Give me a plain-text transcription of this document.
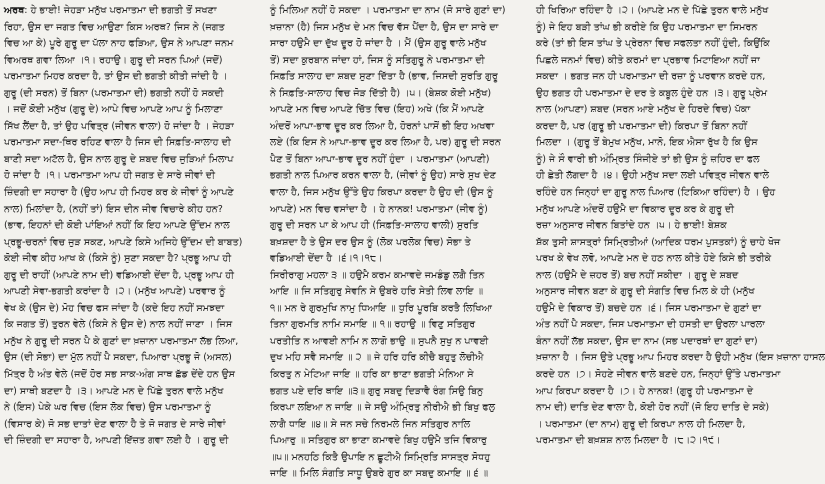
ਅਰਥ: ਹੇ ਭਾਈ! ਜੇਹੜਾ ਮਨੁੱਖ ਪਰਮਾਤਮਾ ਦੀ ਭਗਤੀ ਤੋਂ ਸਖਣਾ
ਰਿਹਾ, ਉਸ ਦਾ ਜਗਤ ਵਿਚ ਆਉਣਾ ਕਿਸ ਅਰਥ? ਜਿਸ ਨੇ (ਜਗਤ
ਵਿਚ ਆ ਕੇ) ਪੂਰੇ ਗੁਰੂ ਦਾ ਪੱਲਾ ਨਾਹ ਫੜਿਆ, ਉਸ ਨੇ ਆਪਣਾ ਜਨਮ
ਵਿਅਰਥ ਗਵਾ ਲਿਆ ।੧। ਰਹਾਉ। ਗੁਰੂ ਦੀ ਸਰਨ ਪਿਆਂ (ਜਦੋਂ)
ਪਰਮਾਤਮਾ ਮਿਹਰ ਕਰਦਾ ਹੈ, ਤਾਂ ਉਸ ਦੀ ਭਗਤੀ ਕੀਤੀ ਜਾਂਦੀ ਹੈ ।
ਗੁਰੂ (ਦੀ ਸਰਨ) ਤੋਂ ਬਿਨਾ (ਪਰਮਾਤਮਾ ਦੀ) ਭਗਤੀ ਨਹੀਂ ਹੋ ਸਕਦੀ
। ਜਦੋਂ ਕੋਈ ਮਨੁੱਖ (ਗੁਰੂ ਦੇ) ਆਪੇ ਵਿਚ ਆਪਣੇ ਆਪ ਨੂੰ ਮਿਲਾਣਾ
ਸਿੱਖ ਲੈਂਦਾ ਹੈ, ਤਾਂ ਉਹ ਪਵਿਤ੍ਰ (ਜੀਵਨ ਵਾਲਾ) ਹੋ ਜਾਂਦਾ ਹੈ । ਜੇਹੜਾ
ਪਰਮਾਤਮਾ ਸਦਾ-ਥਿਰ ਰਹਿਣ ਵਾਲਾ ਹੈ ਜਿਸ ਦੀ ਸਿਫ਼ਤਿ-ਸਾਲਾਹ ਦੀ
ਬਾਣੀ ਸਦਾ ਅਟੱਲ ਹੈ, ਉਸ ਨਾਲ ਗੁਰੂ ਦੇ ਸ਼ਬਦ ਵਿਚ ਜੁੜਿਆਂ ਮਿਲਾਪ
ਹੋ ਜਾਂਦਾ ਹੈ ।੧। ਪਰਮਾਤਮਾ ਆਪ ਹੀ ਜਗਤ ਦੇ ਸਾਰੇ ਜੀਵਾਂ ਦੀ
ਜ਼ਿੰਦਗੀ ਦਾ ਸਹਾਰਾ ਹੈ (ਉਹ ਆਪ ਹੀ ਮਿਹਰ ਕਰ ਕੇ ਜੀਵਾਂ ਨੂੰ ਆਪਣੇ
ਨਾਲ) ਮਿਲਾਂਦਾ ਹੈ, (ਨਹੀਂ ਤਾਂ) ਇਸ ਦੀਨ ਜੀਵ ਵਿਚਾਰੇ ਕੀਹ ਹਨ?
(ਭਾਵ, ਇਹਨਾਂ ਦੀ ਕੋਈ ਪਾਂਇਆਂ ਨਹੀਂ ਕਿ ਇਹ ਆਪਣੇ ਉੱਦਮ ਨਾਲ
ਪ੍ਰਭੂ-ਚਰਨਾਂ ਵਿਚ ਜੁੜ ਸਕਣ, ਆਪਣੇ ਕਿਸੇ ਅਜਿਹੇ ਉੱਦਮ ਦੀ ਬਾਬਤ)
ਕੋਈ ਜੀਵ ਕੀਹ ਆਖ ਕੇ (ਕਿਸੇ ਨੂੰ) ਸੁਣਾ ਸਕਦਾ ਹੈ? ਪ੍ਰਭੂ ਆਪ ਹੀ
ਗੁਰੂ ਦੀ ਰਾਹੀਂ (ਆਪਣੇ ਨਾਮ ਦੀ) ਵਡਿਆਈ ਦੇਂਦਾ ਹੈ, ਪ੍ਰਭੂ ਆਪ ਹੀ
ਆਪਣੀ ਸੇਵਾ-ਭਗਤੀ ਕਰਾਂਦਾ ਹੈ ।੨। (ਮਨੁੱਖ ਆਪਣੇ) ਪਰਵਾਰ ਨੂੰ
ਵੇਖ ਕੇ (ਉਸ ਦੇ) ਮੋਹ ਵਿਚ ਫਸ ਜਾਂਦਾ ਹੈ (ਕਦੇ ਇਹ ਨਹੀਂ ਸਮਝਦਾ
ਕਿ ਜਗਤ ਤੋਂ) ਤੁਰਨ ਵੇਲੇ (ਕਿਸੇ ਨੇ ਉਸ ਦੇ) ਨਾਲ ਨਹੀਂ ਜਾਣਾ । ਜਿਸ
ਮਨੁੱਖ ਨੇ ਗੁਰੂ ਦੀ ਸਰਨ ਪੈ ਕੇ ਗੁਣਾਂ ਦਾ ਖ਼ਜ਼ਾਨਾ ਪਰਮਾਤਮਾ ਲੱਭ ਲਿਆ,
ਉਸ (ਦੀ ਸੋਭਾ) ਦਾ ਮੁੱਲ ਨਹੀਂ ਪੈ ਸਕਦਾ, ਪਿਆਰਾ ਪ੍ਰਭੂ ਜੋ (ਅਸਲ)
ਮਿੱਤ੍ਰ ਹੈ ਅੰਤ ਵੇਲੇ (ਜਦੋਂ ਹੋਰ ਸਭ ਸਾਕ-ਅੰਗ ਸਾਥ ਛੱਡ ਦੇਂਦੇ ਹਨ ਉਸ
ਦਾ) ਸਾਥੀ ਬਣਦਾ ਹੈ ।੩। ਆਪਣੇ ਮਨ ਦੇ ਪਿੱਛੇ ਤੁਰਨ ਵਾਲੇ ਮਨੁੱਖ
ਨੇ (ਇਸ) ਪੇਕੇ ਘਰ ਵਿਚ (ਇਸ ਲੋਕ ਵਿਚ) ਉਸ ਪਰਮਾਤਮਾ ਨੂੰ
(ਵਿਸਾਰ ਕੇ) ਜੋ ਸਭ ਦਾਤਾਂ ਦੇਣ ਵਾਲਾ ਹੈ ਤੇ ਜੋ ਜਗਤ ਦੇ ਸਾਰੇ ਜੀਵਾਂ
ਦੀ ਜ਼ਿੰਦਗੀ ਦਾ ਸਹਾਰਾ ਹੈ, ਆਪਣੀ ਇੱਜ਼ਤ ਗਵਾ ਲਈ ਹੈ । ਗੁਰੂ ਦੀ
ਨੂੰ ਮਿਲਿਆ ਨਹੀਂ ਹੋ ਸਕਦਾ । ਪਰਮਾਤਮਾ ਦਾ ਨਾਮ (ਜੋ ਸਾਰੇ ਗੁਣਾਂ ਦਾ)
ਖ਼ਜ਼ਾਨਾ (ਹੈ) ਜਿਸ ਮਨੁੱਖ ਦੇ ਮਨ ਵਿਚ ਵੱਸ ਪੈਂਦਾ ਹੈ, ਉਸ ਦਾ ਸਾਰੇ ਦਾ
ਸਾਰਾ ਹਉਮੈ ਦਾ ਦੁੱਖ ਦੂਰ ਹੋ ਜਾਂਦਾ ਹੈ । ਮੈਂ (ਉਸ ਗੁਰੂ ਵਾਲੇ ਮਨੁੱਖ
ਤੋਂ) ਸਦਾ ਕੁਰਬਾਨ ਜਾਂਦਾ ਹਾਂ, ਜਿਸ ਨੂੰ ਸਤਿਗੁਰੂ ਨੇ ਪਰਮਾਤਮਾ ਦੀ
ਸਿਫ਼ਤਿ ਸਾਲਾਹ ਦਾ ਸ਼ਬਦ ਸੁਣਾ ਦਿੱਤਾ ਹੈ (ਭਾਵ, ਜਿਸਦੀ ਸੁਰਤਿ ਗੁਰੂ
ਨੇ ਸਿਫ਼ਤਿ-ਸਾਲਾਹ ਵਿਚ ਜੋੜ ਦਿੱਤੀ ਹੈ) ।੫। (ਬੇਸ਼ਕ ਕੋਈ ਮਨੁੱਖ)
ਆਪਣੇ ਮਨ ਵਿਚ ਆਪਣੇ ਚਿੱਤ ਵਿਚ (ਇਹ) ਅਖੇ (ਕਿ ਮੈਂ ਆਪਣੇ
ਅੰਦਰੋਂ ਆਪਾ-ਭਾਵ ਦੂਰ ਕਰ ਲਿਆ ਹੈ, ਹੋਰਨਾਂ ਪਾਸੋਂ ਭੀ ਇਹ ਅਖਵਾ
ਲਏ (ਕਿ ਇਸ ਨੇ ਆਪਾ-ਭਾਵ ਦੂਰ ਕਰ ਲਿਆ ਹੈ, ਪਰ) ਗੁਰੂ ਦੀ ਸਰਨ
ਪੈਣ ਤੋਂ ਬਿਨਾ ਆਪਾ-ਭਾਵ ਦੂਰ ਨਹੀਂ ਹੁੰਦਾ । ਪਰਮਾਤਮਾ (ਆਪਣੀ)
ਭਗਤੀ ਨਾਲ ਪਿਆਰ ਕਰਨ ਵਾਲਾ ਹੈ, (ਜੀਵਾਂ ਨੂੰ ਉਹ) ਸਾਰੇ ਸੁਖ ਦੇਣ
ਵਾਲਾ ਹੈ, ਜਿਸ ਮਨੁੱਖ ਉੱਤੇ ਉਹ ਕਿਰਪਾ ਕਰਦਾ ਹੈ ਉਹ ਦੀ (ਉਸ ਨੂੰ
ਆਪਣੇ) ਮਨ ਵਿਚ ਵਸਾਂਦਾ ਹੈ । ਹੇ ਨਾਨਕ! ਪਰਮਾਤਮਾ (ਜੀਵ ਨੂੰ)
ਗੁਰੂ ਦੀ ਸਰਨ ਪਾ ਕੇ ਆਪ ਹੀ (ਸਿਫ਼ਤਿ-ਸਾਲਾਹ ਵਾਲੀ) ਸੁਰਤਿ
ਬਖ਼ਸ਼ਦਾ ਹੈ ਤੇ ਉਸ ਦਰ ਉਸ ਨੂੰ (ਲੋਕ ਪਰਲੋਕ ਵਿਚ) ਸੋਭਾ ਤੇ
ਵਡਿਆਈ ਦੇਂਦਾ ਹੈ ।੬।੧।੧੮।
ਸਿਰੀਰਾਗੁ ਮਹਲਾ ੩ ॥ ਹਉਮੈ ਕਰਮ ਕਮਾਵਦੇ ਜਮਡੰਡੁ ਲਗੈ ਤਿਨ
ਆਇ ॥ ਜਿ ਸਤਿਗੁਰੁ ਸੇਵਨਿ ਸੇ ਉਬਰੇ ਹਰਿ ਸੇਤੀ ਲਿਵ ਲਾਇ ॥
੧॥ ਮਨ ਰੇ ਗੁਰਮੁਖਿ ਨਾਮੁ ਧਿਆਇ ॥ ਧੁਰਿ ਪੂਰਬਿ ਕਰਤੈ ਲਿਖਿਆ
ਤਿਨਾ ਗੁਰਮਤਿ ਨਾਮਿ ਸਮਾਇ ॥ ੧॥ ਰਹਾਉ ॥ ਵਿਣੁ ਸਤਿਗੁਰ
ਪਰਤੀਤਿ ਨ ਆਵਈ ਨਾਮਿ ਨ ਲਾਗੋ ਭਾਉ ॥ ਸੁਪਨੈ ਸੁਖੁ ਨ ਪਾਵਈ
ਦੁਖ ਮਹਿ ਸਵੈ ਸਮਾਇ ॥ ੨ ॥ ਜੇ ਹਰਿ ਹਰਿ ਕੀਚੈ ਬਹੁਤੁ ਲੋਚੀਐ
ਕਿਰਤੁ ਨ ਮੇਟਿਆ ਜਾਇ ॥ ਹਰਿ ਕਾ ਭਾਣਾ ਭਗਤੀ ਮੰਨਿਆ ਸੇ
ਭਗਤ ਪਏ ਦਰਿ ਥਾਇ ॥੩॥ ਗੁਰੁ ਸਬਦੁ ਦਿੜਾਵੈ ਰੰਗ ਸਿਉ ਬਿਨੁ
ਕਿਰਪਾ ਲਇਆ ਨ ਜਾਇ ॥ ਜੇ ਸਉ ਅੰਮ੍ਰਿਤੁ ਨੀਰੀਐ ਭੀ ਬਿਖੁ ਫਲੁ
ਲਾਗੈ ਧਾਇ ॥੪॥ ਸੇ ਜਨ ਸਚੇ ਨਿਰਮਲੇ ਜਿਨ ਸਤਿਗੁਰ ਨਾਲਿ
ਪਿਆਰੁ ॥ ਸਤਿਗੁਰ ਕਾ ਭਾਣਾ ਕਮਾਵਦੇ ਬਿਖੁ ਹਉਮੈ ਤਜਿ ਵਿਕਾਰੁ
॥੫॥ ਮਨਹਠਿ ਕਿਤੈ ਉਪਾਇ ਨ ਛੂਟੀਐ ਸਿਮ੍ਰਿਤਿ ਸਾਸਤ੍ਰ ਸੋਧਹੁ
ਜਾਇ ॥ ਮਿਲਿ ਸੰਗਤਿ ਸਾਧੂ ਉਬਰੇ ਗੁਰ ਕਾ ਸਬਦੁ ਕਮਾਇ ॥ ੬ ॥
ਹੀ ਖਿਰਿਆ ਰਹਿੰਦਾ ਹੈ ।੨। (ਆਪਣੇ ਮਨ ਦੇ ਪਿੱਛੇ ਤੁਰਨ ਵਾਲੇ ਮਨੁੱਖ
ਨੂੰ) ਜੇ ਇਹ ਬੜੀ ਤਾਂਘ ਭੀ ਕਰੀਏ ਕਿ ਉਹ ਪਰਮਾਤਮਾ ਦਾ ਸਿਮਰਨ
ਕਰੇ (ਤਾਂ ਭੀ ਇਸ ਤਾਂਘ ਤੇ ਪ੍ਰੇਰਨਾ ਵਿਚ ਸਫਲਤਾ ਨਹੀਂ ਹੁੰਦੀ, ਕਿਉਂਕਿ
ਪਿਛਲੇ ਜਨਮਾਂ ਵਿਚ) ਕੀਤੇ ਕਰਮਾਂ ਦਾ ਪ੍ਰਭਾਵ ਮਿਟਾਇਆ ਨਹੀਂ ਜਾ
ਸਕਦਾ । ਭਗਤ ਜਨ ਹੀ ਪਰਮਾਤਮਾ ਦੀ ਰਜ਼ਾ ਨੂੰ ਪਰਵਾਨ ਕਰਦੇ ਹਨ,
ਉਹ ਭਗਤ ਹੀ ਪਰਮਾਤਮਾ ਦੇ ਦਰ ਤੇ ਕਬੂਲ ਹੁੰਦੇ ਹਨ ।੩। ਗੁਰੂ ਪ੍ਰੇਮ
ਨਾਲ (ਆਪਣਾ) ਸ਼ਬਦ (ਸਰਨ ਆਏ ਮਨੁੱਖ ਦੇ ਹਿਰਦੇ ਵਿਚ) ਪੱਕਾ
ਕਰਦਾ ਹੈ, ਪਰ (ਗੁਰੂ ਭੀ ਪਰਮਾਤਮਾ ਦੀ) ਕਿਰਪਾ ਤੋਂ ਬਿਨਾ ਨਹੀਂ
ਮਿਲਦਾ । (ਗੁਰੂ ਤੋਂ ਬੇਮੁਖ ਮਨੁੱਖ, ਮਾਨੋ, ਇਕ ਐਸਾ ਰੁੱਖ ਹੈ ਕਿ ਉਸ
ਨੂੰ) ਜੇ ਸੌ ਵਾਰੀ ਭੀ ਅੰਮ੍ਰਿਤ ਸਿੰਜੀਏ ਤਾਂ ਭੀ ਉਸ ਨੂੰ ਜ਼ਹਿਰ ਦਾ ਫਲ
ਹੀ ਛੇਤੀ ਲੱਗਦਾ ਹੈ ।੪। ਉਹੀ ਮਨੁੱਖ ਸਦਾ ਲਈ ਪਵਿਤ੍ਰ ਜੀਵਨ ਵਾਲੇ
ਰਹਿੰਦੇ ਹਨ ਜਿਨ੍ਹਾਂ ਦਾ ਗੁਰੂ ਨਾਲ ਪਿਆਰ (ਟਿਕਿਆ ਰਹਿੰਦਾ) ਹੈ । ਉਹ
ਮਨੁੱਖ ਆਪਣੇ ਅੰਦਰੋਂ ਹਉਮੈ ਦਾ ਵਿਕਾਰ ਦੂਰ ਕਰ ਕੇ ਗੁਰੂ ਦੀ
ਰਜ਼ਾ ਅਨੁਸਾਰ ਜੀਵਨ ਬਿਤਾਂਦੇ ਹਨ ।੫। ਹੇ ਭਾਈ! ਬੇਸ਼ਕ
ਸ਼ੱਕ ਤੁਸੀ ਸ਼ਾਸਤ੍ਰਾਂ ਸਿਮ੍ਰਿਤੀਆਂ (ਆਦਿਕ ਧਰਮ ਪੁਸਤਕਾਂ) ਨੂੰ ਚਾਹੇ ਖੋਜ
ਪਰਖ ਕੇ ਵੇਖ ਲਵੋ, ਆਪਣੇ ਮਨ ਦੇ ਹਠ ਨਾਲ ਕੀਤੇ ਹੋਏ ਕਿਸੇ ਭੀ ਤਰੀਕੇ
ਨਾਲ (ਹਉਮੈ ਦੇ ਜ਼ਹਰ ਤੋਂ) ਬਚ ਨਹੀਂ ਸਕੀਦਾ । ਗੁਰੂ ਦੇ ਸ਼ਬਦ
ਅਨੁਸਾਰ ਜੀਵਨ ਬਣਾ ਕੇ ਗੁਰੂ ਦੀ ਸੰਗਤਿ ਵਿਚ ਮਿਲ ਕੇ ਹੀ (ਮਨੁੱਖ
ਹਉਮੈ ਦੇ ਵਿਕਾਰ ਤੋਂ) ਬਚਦੇ ਹਨ ।੬। ਜਿਸ ਪਰਮਾਤਮਾ ਦੇ ਗੁਣਾਂ ਦਾ
ਅੰਤ ਨਹੀਂ ਪੈ ਸਕਦਾ, ਜਿਸ ਪਰਮਾਤਮਾ ਦੀ ਹਸਤੀ ਦਾ ਉਰਲਾ ਪਾਰਲਾ
ਬੰਨਾ ਨਹੀਂ ਲੱਭ ਸਕਦਾ, ਉਸ ਦਾ ਨਾਮ (ਸਭ ਪਦਾਰਥਾਂ ਦਾ ਗੁਣਾਂ ਦਾ)
ਖ਼ਜ਼ਾਨਾ ਹੈ । ਜਿਸ ਉਤੇ ਪ੍ਰਭੂ ਆਪ ਮਿਹਰ ਕਰਦਾ ਹੈ ਉਹੀ ਮਨੁੱਖ (ਇਸ ਖ਼ਜ਼ਾਨਾ ਹਾਸਲ
ਕਰਦੇ ਹਨ ।੭। ਸੋਹਣੇ ਜੀਵਨ ਵਾਲੇ ਬਣਦੇ ਹਨ, ਜਿਨ੍ਹਾਂ ਉੱਤੇ ਪਰਮਾਤਮਾ
ਆਪ ਕਿਰਪਾ ਕਰਦਾ ਹੈ ।੭। ਹੇ ਨਾਨਕ! (ਗੁਰੂ ਹੀ ਪਰਮਾਤਮਾ ਦੇ
ਨਾਮ ਦੀ) ਦਾਤਿ ਦੇਣ ਵਾਲਾ ਹੈ, ਕੋਈ ਹੋਰ ਨਹੀਂ (ਜੋ ਇਹ ਦਾਤਿ ਦੇ ਸਕੇ)
। ਪਰਮਾਤਮਾ (ਦਾ ਨਾਮ) ਗੁਰੂ ਦੀ ਕਿਰਪਾ ਨਾਲ ਹੀ ਮਿਲਦਾ ਹੈ,
ਪਰਮਾਤਮਾ ਦੀ ਬਖ਼ਸ਼ਸ਼ ਨਾਲ ਮਿਲਦਾ ਹੈ ।੮।੨।੧੯।
